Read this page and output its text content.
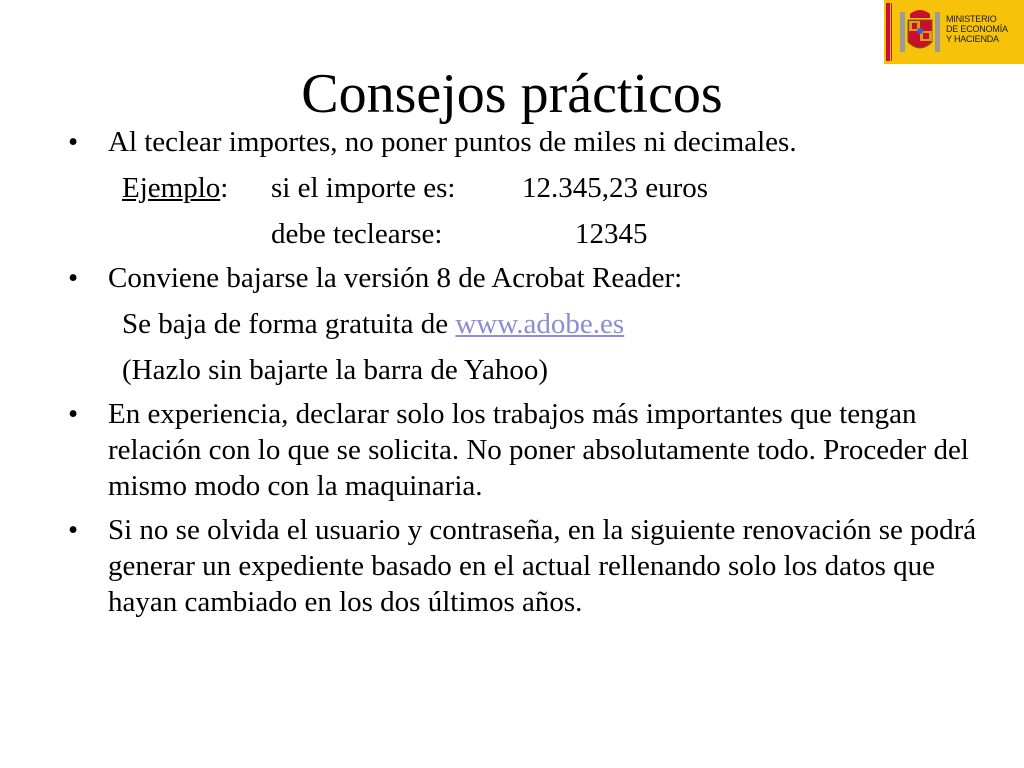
MINISTERIO
DE ECONOMÍA
Y HACIENDA
Consejos prácticos
• Al teclear importes, no poner puntos de miles ni decimales.
Ejemplo: si el importe es: 12.345,23 euros
debe teclearse:	12345
• Conviene bajarse la versión 8 de Acrobat Reader:
Se baja de forma gratuita de www.adobe.es
(Hazlo sin bajarte la barra de Yahoo)
• En experiencia, declarar solo los trabajos más importantes que tengan relación con lo que se solicita. No poner absolutamente todo. Proceder del mismo modo con la maquinaria.
• Si no se olvida el usuario y contraseña, en la siguiente renovación se podrá generar un expediente basado en el actual rellenando solo los datos que hayan cambiado en los dos últimos años.
